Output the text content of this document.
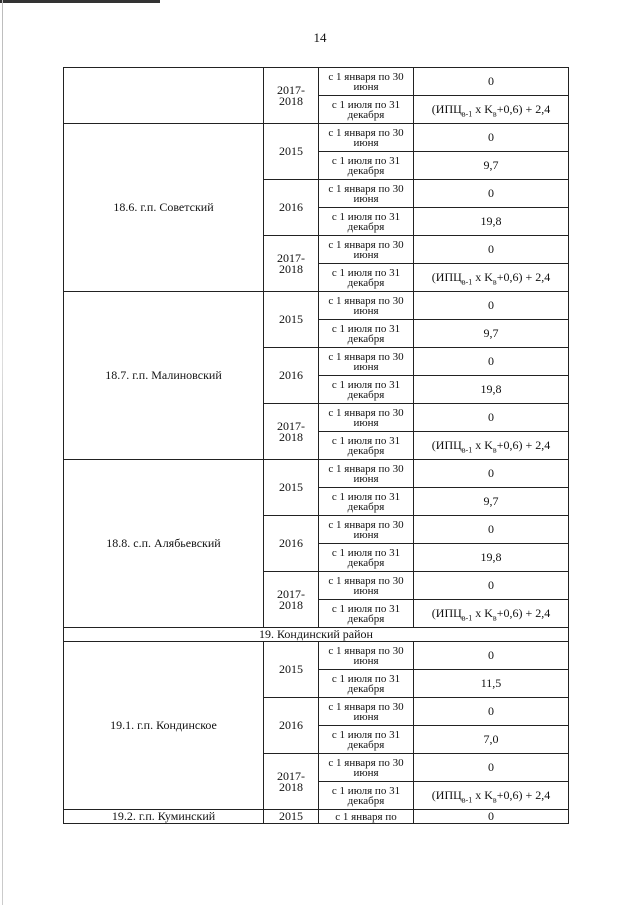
14
	2017-2018	с 1 января по 30 июня	0
		с 1 июля по 31 декабря	($ИПЦ_{в-1}$ x $K_в+0,6) + 2,4$
18.6. г.п. Советский	2015	с 1 января по 30 июня	0
		с 1 июля по 31 декабря	9,7
	2016	с 1 января по 30 июня	0
		с 1 июля по 31 декабря	19,8
	2017-2018	с 1 января по 30 июня	0
		с 1 июля по 31 декабря	($ИПЦ_{в-1}$ x $K_в+0,6) + 2,4$
18.7. г.п. Малиновский	2015	с 1 января по 30 июня	0
		с 1 июля по 31 декабря	9,7
	2016	с 1 января по 30 июня	0
		с 1 июля по 31 декабря	19,8
	2017-2018	с 1 января по 30 июня	0
		с 1 июля по 31 декабря	($ИПЦ_{в-1}$ x $K_в+0,6) + 2,4$
18.8. с.п. Алябьевский	2015	с 1 января по 30 июня	0
		с 1 июля по 31 декабря	9,7
	2016	с 1 января по 30 июня	0
		с 1 июля по 31 декабря	19,8
	2017-2018	с 1 января по 30 июня	0
		с 1 июля по 31 декабря	($ИПЦ_{в-1}$ x $K_в+0,6) + 2,4$
19. Кондинский район			
19.1. г.п. Кондинское	2015	с 1 января по 30 июня	0
		с 1 июля по 31 декабря	11,5
	2016	с 1 января по 30 июня	0
		с 1 июля по 31 декабря	7,0
	2017-2018	с 1 января по 30 июня	0
		с 1 июля по 31 декабря	($ИПЦ_{в-1}$ x $K_в+0,6) + 2,4$
19.2. г.п. Куминский	2015	с 1 января по	0
